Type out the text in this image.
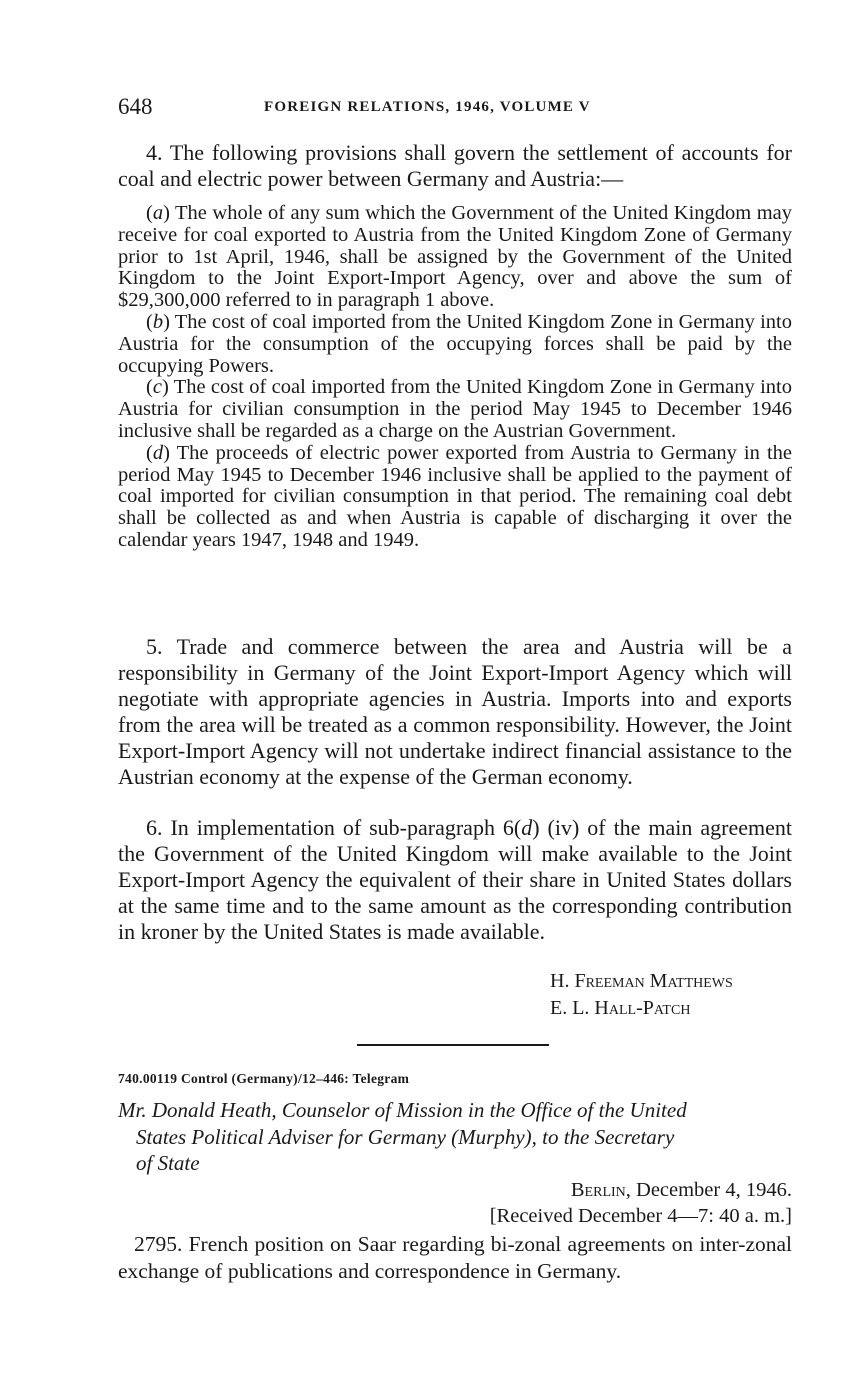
648	FOREIGN RELATIONS, 1946, VOLUME V
4. The following provisions shall govern the settlement of accounts for coal and electric power between Germany and Austria:—
(a) The whole of any sum which the Government of the United Kingdom may receive for coal exported to Austria from the United Kingdom Zone of Germany prior to 1st April, 1946, shall be assigned by the Government of the United Kingdom to the Joint Export-Import Agency, over and above the sum of $29,300,000 referred to in paragraph 1 above.
(b) The cost of coal imported from the United Kingdom Zone in Germany into Austria for the consumption of the occupying forces shall be paid by the occupying Powers.
(c) The cost of coal imported from the United Kingdom Zone in Germany into Austria for civilian consumption in the period May 1945 to December 1946 inclusive shall be regarded as a charge on the Austrian Government.
(d) The proceeds of electric power exported from Austria to Germany in the period May 1945 to December 1946 inclusive shall be applied to the payment of coal imported for civilian consumption in that period. The remaining coal debt shall be collected as and when Austria is capable of discharging it over the calendar years 1947, 1948 and 1949.
5. Trade and commerce between the area and Austria will be a responsibility in Germany of the Joint Export-Import Agency which will negotiate with appropriate agencies in Austria. Imports into and exports from the area will be treated as a common responsibility. However, the Joint Export-Import Agency will not undertake indirect financial assistance to the Austrian economy at the expense of the German economy.
6. In implementation of sub-paragraph 6(d) (iv) of the main agreement the Government of the United Kingdom will make available to the Joint Export-Import Agency the equivalent of their share in United States dollars at the same time and to the same amount as the corresponding contribution in kroner by the United States is made available.
H. Freeman Matthews
E. L. Hall-Patch
740.00119 Control (Germany)/12–446: Telegram
Mr. Donald Heath, Counselor of Mission in the Office of the United
States Political Adviser for Germany (Murphy), to the Secretary
of State
Berlin, December 4, 1946.
[Received December 4—7: 40 a. m.]
2795. French position on Saar regarding bi-zonal agreements on inter-zonal exchange of publications and correspondence in Germany.
